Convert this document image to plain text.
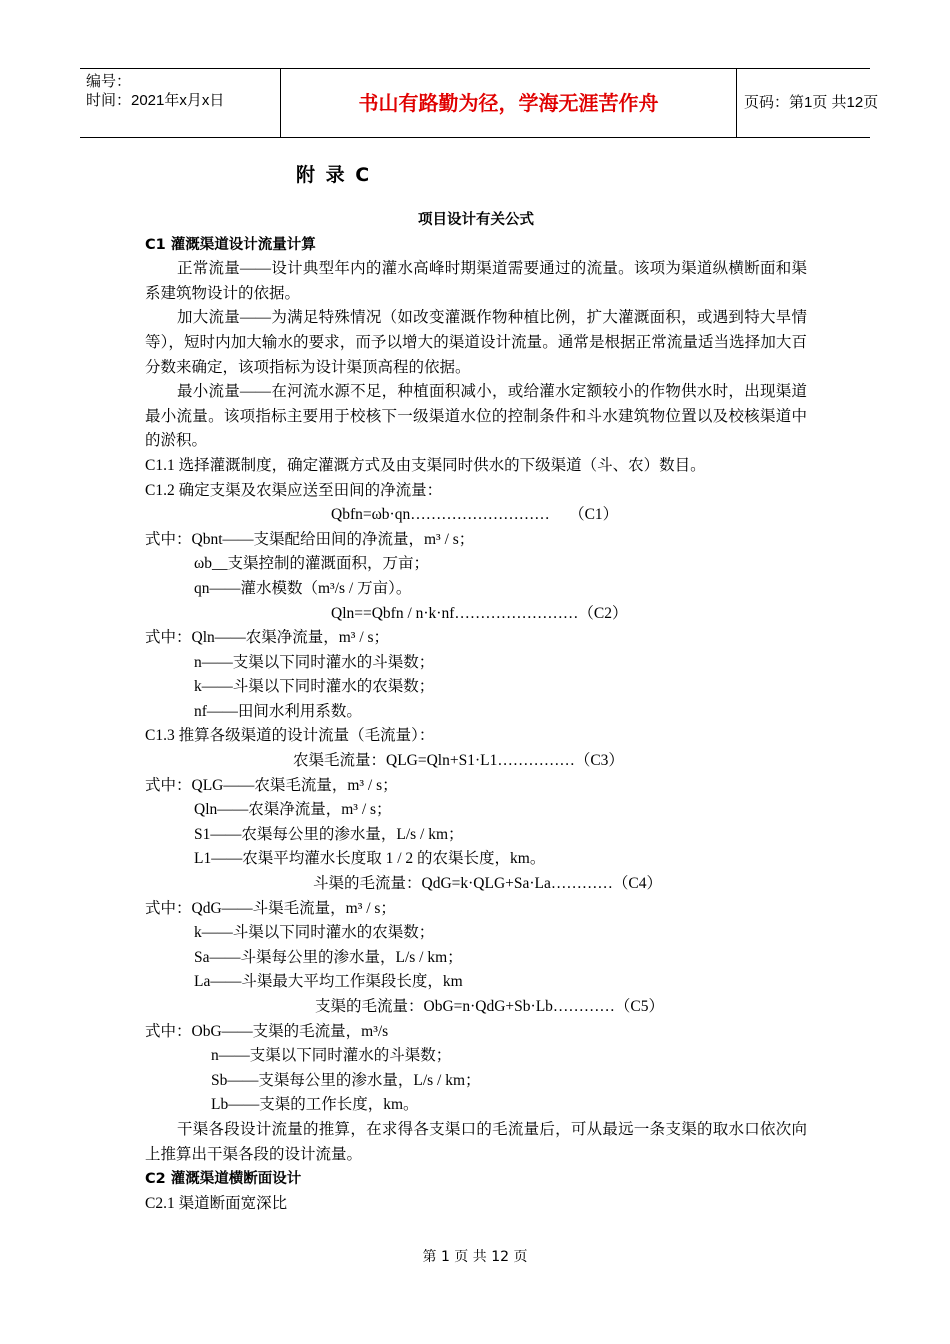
编号：
时间：2021年x月x日	书山有路勤为径，学海无涯苦作舟	页码：第1页 共12页
附 录 C

项目设计有关公式

C1 灌溉渠道设计流量计算

正常流量——设计典型年内的灌水高峰时期渠道需要通过的流量。该项为渠道纵横断面和渠系建筑物设计的依据。

加大流量——为满足特殊情况（如改变灌溉作物种植比例，扩大灌溉面积，或遇到特大旱情等），短时内加大输水的要求，而予以增大的渠道设计流量。通常是根据正常流量适当选择加大百分数来确定，该项指标为设计渠顶高程的依据。

最小流量——在河流水源不足，种植面积减小，或给灌水定额较小的作物供水时，出现渠道最小流量。该项指标主要用于校核下一级渠道水位的控制条件和斗水建筑物位置以及校核渠道中的淤积。

C1.1 选择灌溉制度，确定灌溉方式及由支渠同时供水的下级渠道（斗、农）数目。

C1.2 确定支渠及农渠应送至田间的净流量：

Qbfn=ωb·qn………………………　 （C1）

式中：Qbnt——支渠配给田间的净流量，m³ / s；

ωb__支渠控制的灌溉面积，万亩；

qn——灌水模数（m³/s / 万亩）。

Qln==Qbfn / n·k·nf……………………（C2）

式中：Qln——农渠净流量，m³ / s；

n——支渠以下同时灌水的斗渠数；

k——斗渠以下同时灌水的农渠数；

nf——田间水利用系数。

C1.3 推算各级渠道的设计流量（毛流量）：

农渠毛流量：QLG=Qln+S1·L1……………（C3）

式中：QLG——农渠毛流量，m³ / s；

Qln——农渠净流量，m³ / s；

S1——农渠每公里的渗水量，L/s / km；

L1——农渠平均灌水长度取 1 / 2 的农渠长度，km。

斗渠的毛流量：QdG=k·QLG+Sa·La…………（C4）

式中：QdG——斗渠毛流量，m³ / s；

k——斗渠以下同时灌水的农渠数；

Sa——斗渠每公里的渗水量，L/s / km；

La——斗渠最大平均工作渠段长度，km

支渠的毛流量：ObG=n·QdG+Sb·Lb…………（C5）

式中：ObG——支渠的毛流量，m³/s

n——支渠以下同时灌水的斗渠数；

Sb——支渠每公里的渗水量，L/s / km；

Lb——支渠的工作长度，km。

干渠各段设计流量的推算，在求得各支渠口的毛流量后，可从最远一条支渠的取水口依次向上推算出干渠各段的设计流量。

C2 灌溉渠道横断面设计

C2.1 渠道断面宽深比

第 1 页 共 12 页
